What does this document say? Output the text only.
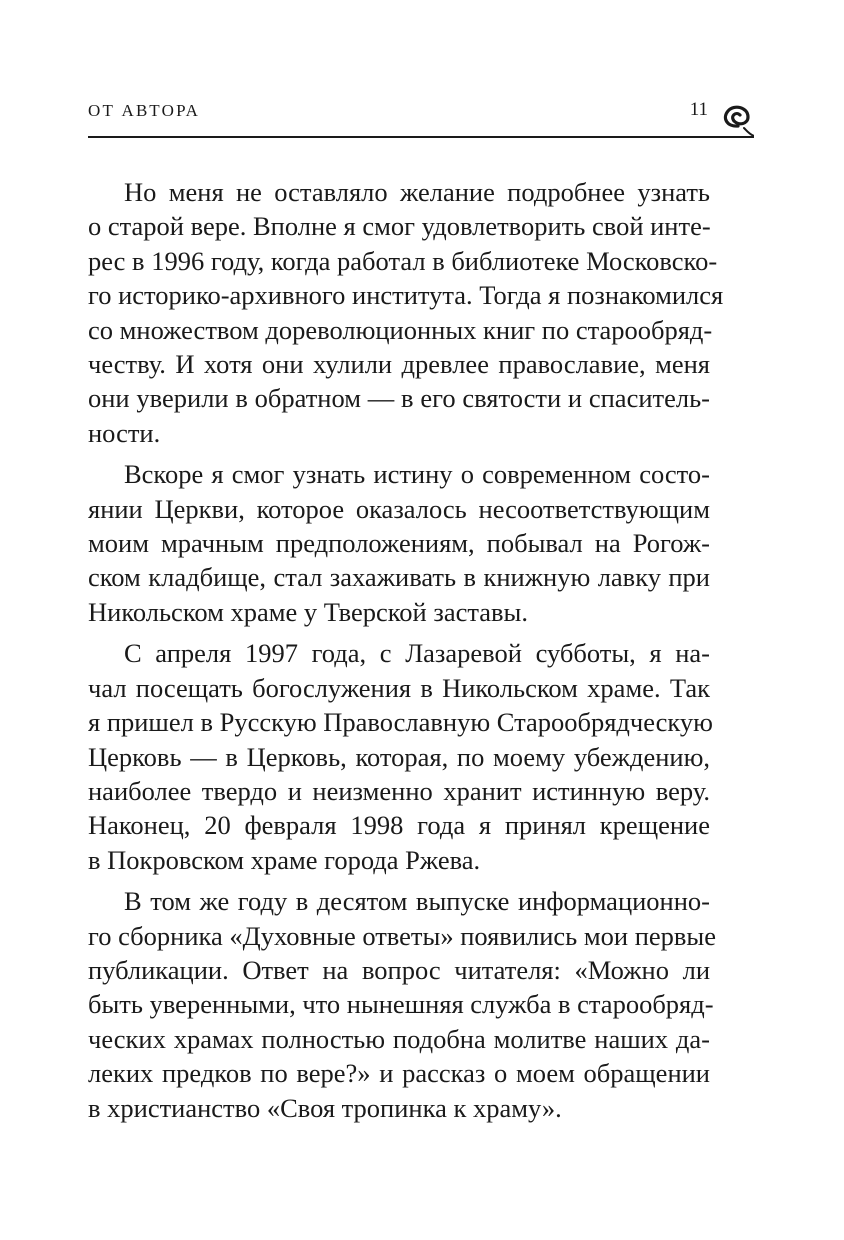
ОТ АВТОРА	11
Но меня не оставляло желание подробнее узнать
о старой вере. Вполне я смог удовлетворить свой инте-
рес в 1996 году, когда работал в библиотеке Московско-
го историко-архивного института. Тогда я познакомился
со множеством дореволюционных книг по старообряд-
честву. И хотя они хулили древлее православие, меня
они уверили в обратном — в его святости и спаситель-
ности.
Вскоре я смог узнать истину о современном состо-
янии Церкви, которое оказалось несоответствующим
моим мрачным предположениям, побывал на Рогож-
ском кладбище, стал захаживать в книжную лавку при
Никольском храме у Тверской заставы.
С апреля 1997 года, с Лазаревой субботы, я на-
чал посещать богослужения в Никольском храме. Так
я пришел в Русскую Православную Старообрядческую
Церковь — в Церковь, которая, по моему убеждению,
наиболее твердо и неизменно хранит истинную веру.
Наконец, 20 февраля 1998 года я принял крещение
в Покровском храме города Ржева.
В том же году в десятом выпуске информационно-
го сборника «Духовные ответы» появились мои первые
публикации. Ответ на вопрос читателя: «Можно ли
быть уверенными, что нынешняя служба в старообряд-
ческих храмах полностью подобна молитве наших да-
леких предков по вере?» и рассказ о моем обращении
в христианство «Своя тропинка к храму».
